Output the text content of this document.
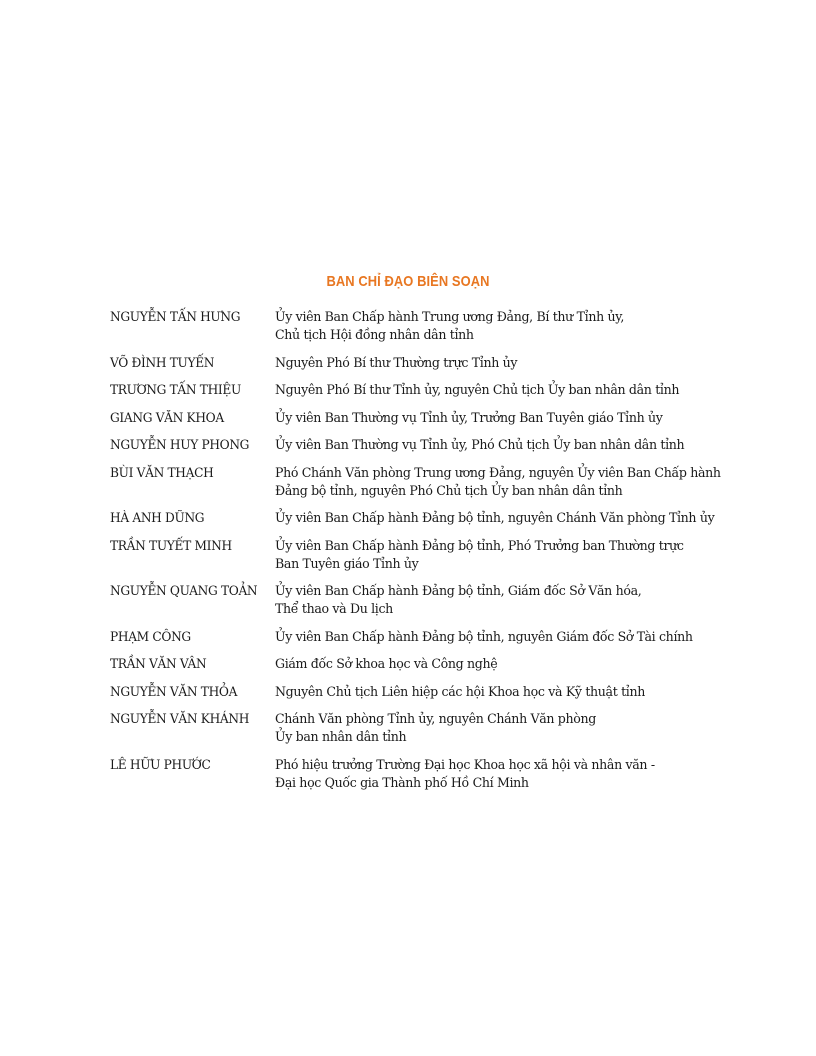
BAN CHỈ ĐẠO BIÊN SOẠN
NGUYỄN TẤN HƯNG	Ủy viên Ban Chấp hành Trung ương Đảng, Bí thư Tỉnh ủy,
Chủ tịch Hội đồng nhân dân tỉnh
VÕ ĐÌNH TUYẾN	Nguyên Phó Bí thư Thường trực Tỉnh ủy
TRƯƠNG TẤN THIỆU	Nguyên Phó Bí thư Tỉnh ủy, nguyên Chủ tịch Ủy ban nhân dân tỉnh
GIANG VĂN KHOA	Ủy viên Ban Thường vụ Tỉnh ủy, Trưởng Ban Tuyên giáo Tỉnh ủy
NGUYỄN HUY PHONG	Ủy viên Ban Thường vụ Tỉnh ủy, Phó Chủ tịch Ủy ban nhân dân tỉnh
BÙI VĂN THẠCH	Phó Chánh Văn phòng Trung ương Đảng, nguyên Ủy viên Ban Chấp hành
Đảng bộ tỉnh, nguyên Phó Chủ tịch Ủy ban nhân dân tỉnh
HÀ ANH DŨNG	Ủy viên Ban Chấp hành Đảng bộ tỉnh, nguyên Chánh Văn phòng Tỉnh ủy
TRẦN TUYẾT MINH	Ủy viên Ban Chấp hành Đảng bộ tỉnh, Phó Trưởng ban Thường trực
Ban Tuyên giáo Tỉnh ủy
NGUYỄN QUANG TOẢN	Ủy viên Ban Chấp hành Đảng bộ tỉnh, Giám đốc Sở Văn hóa,
Thể thao và Du lịch
PHẠM CÔNG	Ủy viên Ban Chấp hành Đảng bộ tỉnh, nguyên Giám đốc Sở Tài chính
TRẦN VĂN VÂN	Giám đốc Sở khoa học và Công nghệ
NGUYỄN VĂN THỎA	Nguyên Chủ tịch Liên hiệp các hội Khoa học và Kỹ thuật tỉnh
NGUYỄN VĂN KHÁNH	Chánh Văn phòng Tỉnh ủy, nguyên Chánh Văn phòng
Ủy ban nhân dân tỉnh
LÊ HỮU PHƯỚC	Phó hiệu trưởng Trường Đại học Khoa học xã hội và nhân văn -
Đại học Quốc gia Thành phố Hồ Chí Minh
